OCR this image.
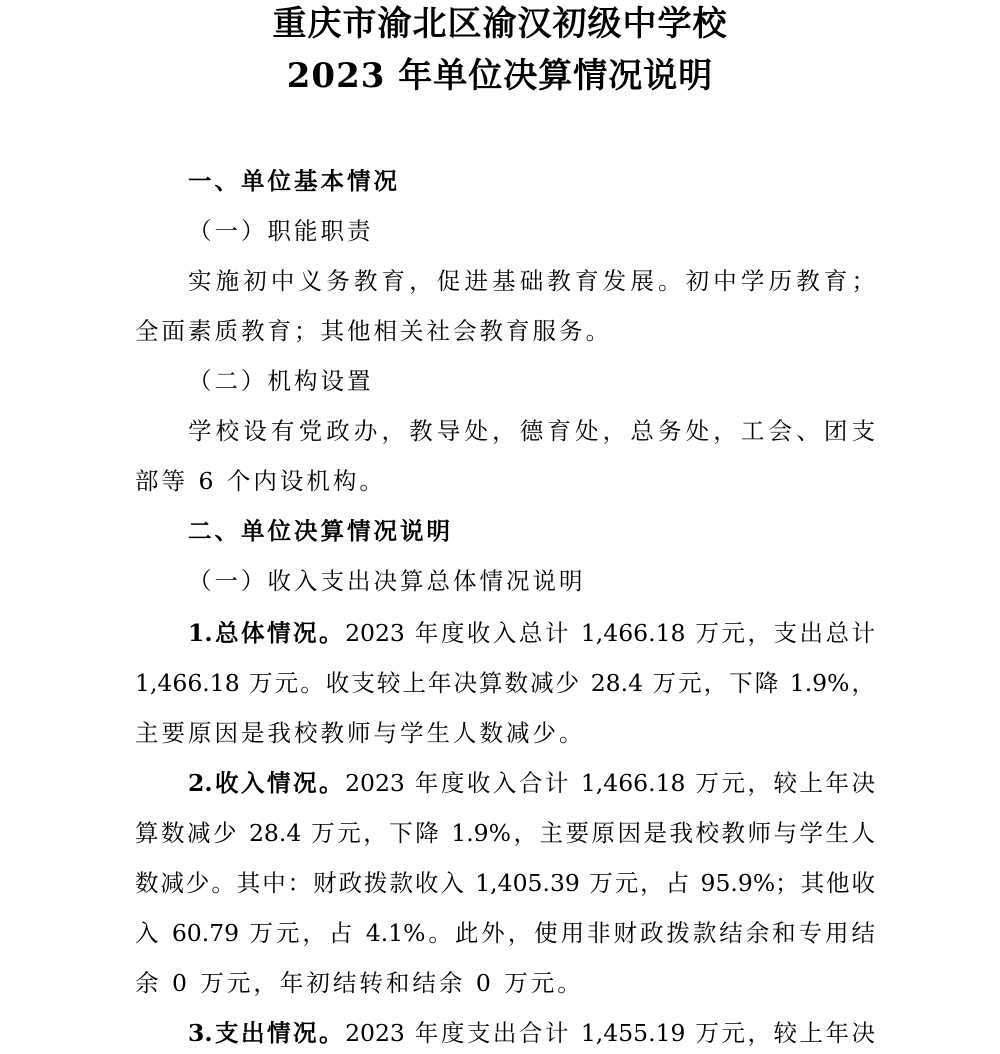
重庆市渝北区渝汉初级中学校
2023 年单位决算情况说明
一、单位基本情况
（一）职能职责
实施初中义务教育，促进基础教育发展。初中学历教育；
全面素质教育；其他相关社会教育服务。
（二）机构设置
学校设有党政办，教导处，德育处，总务处，工会、团支
部等 6 个内设机构。
二、单位决算情况说明
（一）收入支出决算总体情况说明
1.总体情况。2023 年度收入总计 1,466.18 万元，支出总计
1,466.18 万元。收支较上年决算数减少 28.4 万元，下降 1.9%，
主要原因是我校教师与学生人数减少。
2.收入情况。2023 年度收入合计 1,466.18 万元，较上年决
算数减少 28.4 万元，下降 1.9%，主要原因是我校教师与学生人
数减少。其中：财政拨款收入 1,405.39 万元，占 95.9%；其他收
入 60.79 万元，占 4.1%。此外，使用非财政拨款结余和专用结
余 0 万元，年初结转和结余 0 万元。
3.支出情况。2023 年度支出合计 1,455.19 万元，较上年决
